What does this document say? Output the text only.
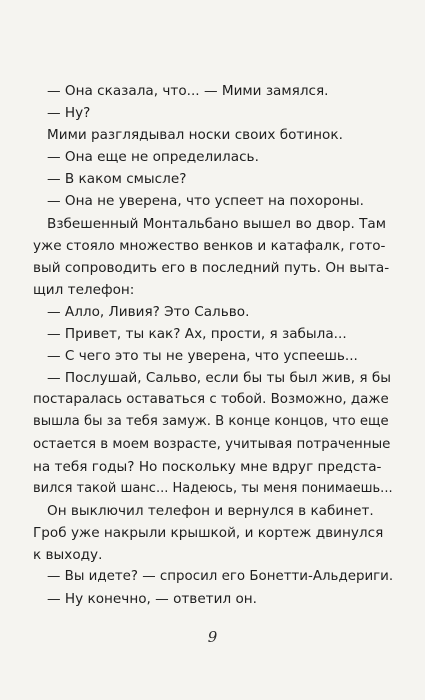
— Она сказала, что... — Мими замялся.
— Ну?
Мими разглядывал носки своих ботинок.
— Она еще не определилась.
— В каком смысле?
— Она не уверена, что успеет на похороны.
Взбешенный Монтальбано вышел во двор. Там
уже стояло множество венков и катафалк, гото-
вый сопроводить его в последний путь. Он выта-
щил телефон:
— Алло, Ливия? Это Сальво.
— Привет, ты как? Ах, прости, я забыла...
— С чего это ты не уверена, что успеешь...
— Послушай, Сальво, если бы ты был жив, я бы
постаралась оставаться с тобой. Возможно, даже
вышла бы за тебя замуж. В конце концов, что еще
остается в моем возрасте, учитывая потраченные
на тебя годы? Но поскольку мне вдруг предста-
вился такой шанс... Надеюсь, ты меня понимаешь...
Он выключил телефон и вернулся в кабинет.
Гроб уже накрыли крышкой, и кортеж двинулся
к выходу.
— Вы идете? — спросил его Бонетти-Альдериги.
— Ну конечно, — ответил он.
9
